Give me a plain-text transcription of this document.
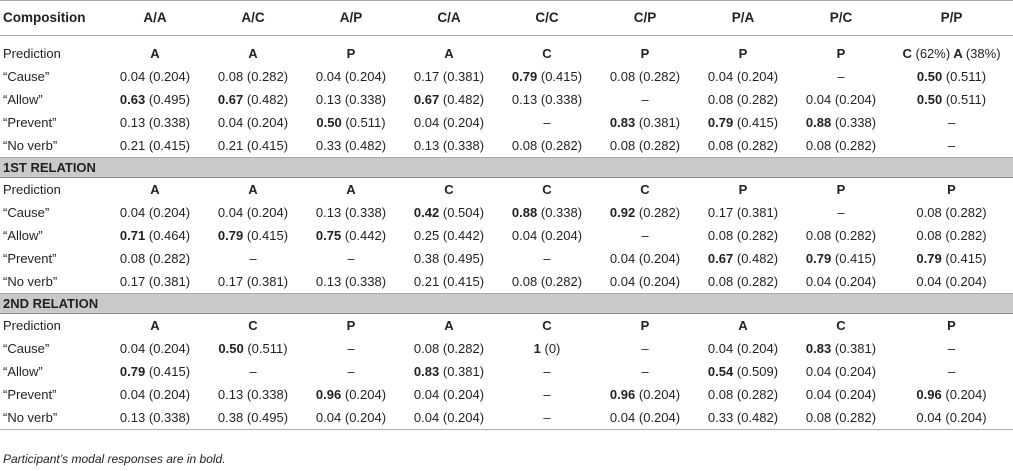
Composition	A/A	A/C	A/P	C/A	C/C	C/P	P/A	P/C	P/P
Prediction	A	A	P	A	C	P	P	P	C (62%) A (38%)
“Cause”	0.04 (0.204)	0.08 (0.282)	0.04 (0.204)	0.17 (0.381)	0.79 (0.415)	0.08 (0.282)	0.04 (0.204)	–	0.50 (0.511)
“Allow”	0.63 (0.495)	0.67 (0.482)	0.13 (0.338)	0.67 (0.482)	0.13 (0.338)	–	0.08 (0.282)	0.04 (0.204)	0.50 (0.511)
“Prevent”	0.13 (0.338)	0.04 (0.204)	0.50 (0.511)	0.04 (0.204)	–	0.83 (0.381)	0.79 (0.415)	0.88 (0.338)	–
“No verb”	0.21 (0.415)	0.21 (0.415)	0.33 (0.482)	0.13 (0.338)	0.08 (0.282)	0.08 (0.282)	0.08 (0.282)	0.08 (0.282)	–
1ST RELATION									
Prediction	A	A	A	C	C	C	P	P	P
“Cause”	0.04 (0.204)	0.04 (0.204)	0.13 (0.338)	0.42 (0.504)	0.88 (0.338)	0.92 (0.282)	0.17 (0.381)	–	0.08 (0.282)
“Allow”	0.71 (0.464)	0.79 (0.415)	0.75 (0.442)	0.25 (0.442)	0.04 (0.204)	–	0.08 (0.282)	0.08 (0.282)	0.08 (0.282)
“Prevent”	0.08 (0.282)	–	–	0.38 (0.495)	–	0.04 (0.204)	0.67 (0.482)	0.79 (0.415)	0.79 (0.415)
“No verb”	0.17 (0.381)	0.17 (0.381)	0.13 (0.338)	0.21 (0.415)	0.08 (0.282)	0.04 (0.204)	0.08 (0.282)	0.04 (0.204)	0.04 (0.204)
2ND RELATION									
Prediction	A	C	P	A	C	P	A	C	P
“Cause”	0.04 (0.204)	0.50 (0.511)	–	0.08 (0.282)	1 (0)	–	0.04 (0.204)	0.83 (0.381)	–
“Allow”	0.79 (0.415)	–	–	0.83 (0.381)	–	–	0.54 (0.509)	0.04 (0.204)	–
“Prevent”	0.04 (0.204)	0.13 (0.338)	0.96 (0.204)	0.04 (0.204)	–	0.96 (0.204)	0.08 (0.282)	0.04 (0.204)	0.96 (0.204)
“No verb”	0.13 (0.338)	0.38 (0.495)	0.04 (0.204)	0.04 (0.204)	–	0.04 (0.204)	0.33 (0.482)	0.08 (0.282)	0.04 (0.204)
Participant’s modal responses are in bold.
